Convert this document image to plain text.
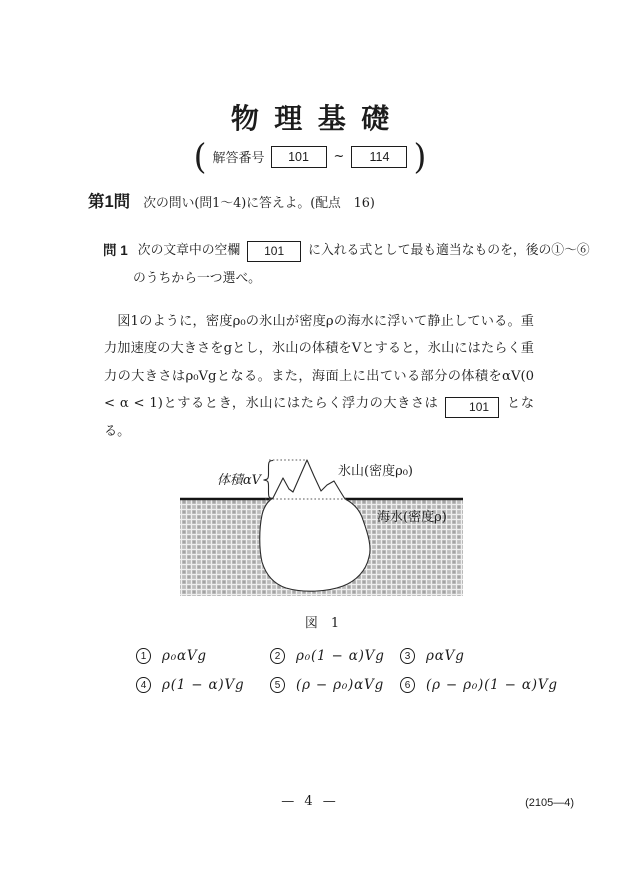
物理基礎
( 解答番号	101	~	114 )
第1問 次の問い(問1～4)に答えよ。(配点　16)
問 1 次の文章中の空欄	101	に入れる式として最も適当なものを，後の①～⑥
のうちから一つ選べ。
図1のように，密度ρ₀の氷山が密度ρの海水に浮いて静止している。重力加速度の大きさをgとし，氷山の体積をVとすると，氷山にはたらく重力の大きさはρ₀Vgとなる。また，海面上に出ている部分の体積をαV(0 < α < 1)とするとき，氷山にはたらく浮力の大きさは	101 となる。
体積αV
氷山(密度ρ₀)
海水(密度ρ)
図　1
1	ρ₀αVg	2	ρ₀(1 − α)Vg	3	ραVg
4	ρ(1 − α)Vg	5	(ρ − ρ₀)αVg	6	(ρ − ρ₀)(1 − α)Vg
— 4 —	(2105—4)
